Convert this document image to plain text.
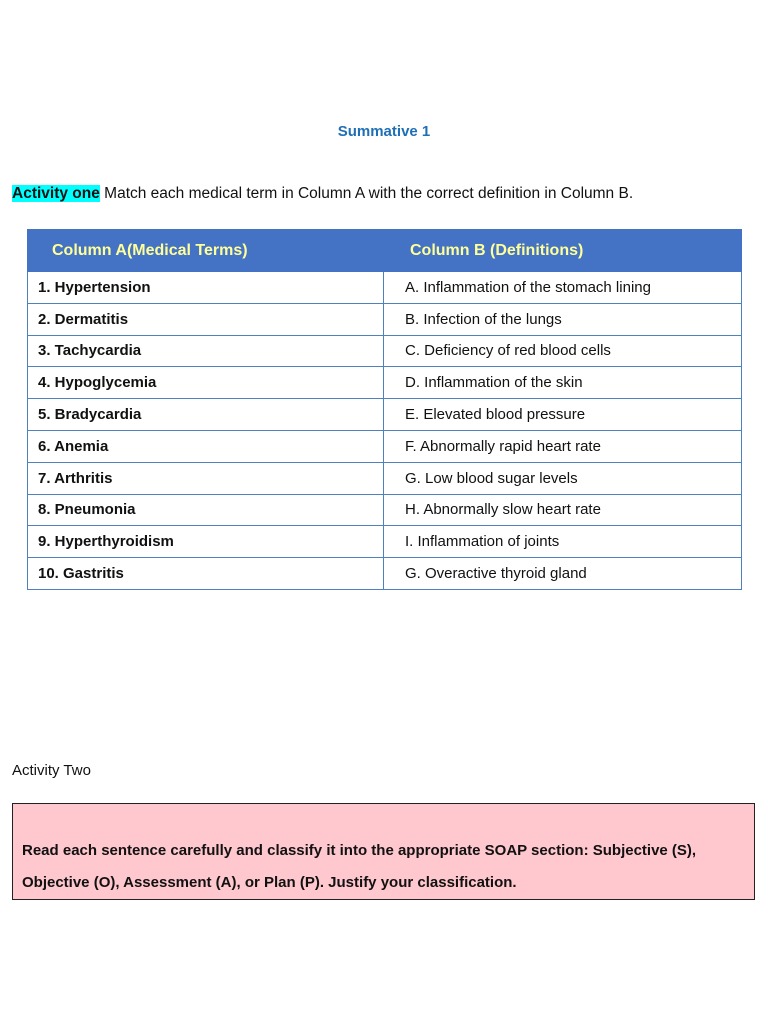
Summative 1
Activity one Match each medical term in Column A with the correct definition in Column B.
Column A(Medical Terms)	Column B (Definitions)
1. Hypertension	A. Inflammation of the stomach lining
2. Dermatitis	B. Infection of the lungs
3. Tachycardia	C. Deficiency of red blood cells
4. Hypoglycemia	D. Inflammation of the skin
5. Bradycardia	E. Elevated blood pressure
6. Anemia	F. Abnormally rapid heart rate
7. Arthritis	G. Low blood sugar levels
8. Pneumonia	H. Abnormally slow heart rate
9. Hyperthyroidism	I. Inflammation of joints
10. Gastritis	G. Overactive thyroid gland
Activity Two
Read each sentence carefully and classify it into the appropriate SOAP section: Subjective (S), Objective (O), Assessment (A), or Plan (P). Justify your classification.
